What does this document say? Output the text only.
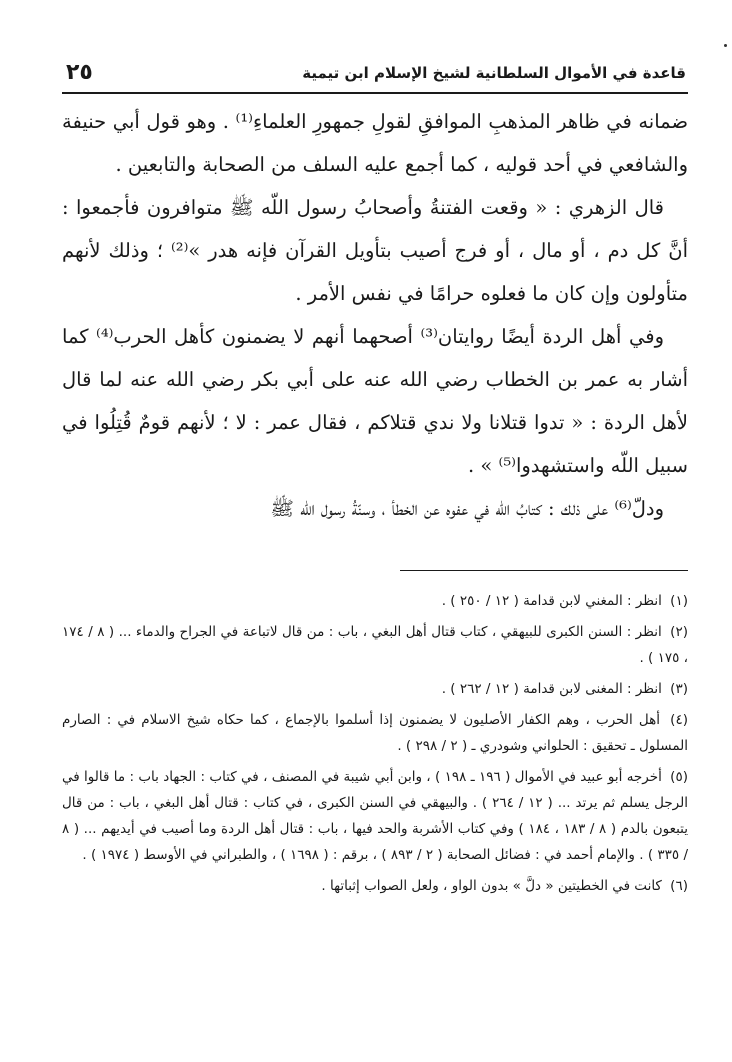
٢٥	قاعدة في الأموال السلطانية لشيخ الإسلام ابن تيمية

ضمانه في ظاهر المذهبِ الموافقِ لقولِ جمهورِ العلماءِ⁽¹⁾ . وهو قول أبي حنيفة والشافعي في أحد قوليه ، كما أجمع عليه السلف من الصحابة والتابعين .

قال الزهري : « وقعت الفتنةُ وأصحابُ رسول اللّه ﷺ متوافرون فأجمعوا : أنَّ كل دم ، أو مال ، أو فرج أصيب بتأويل القرآن فإنه هدر »⁽²⁾ ؛ وذلك لأنهم متأولون وإن كان ما فعلوه حرامًا في نفس الأمر .

وفي أهل الردة أيضًا روايتان⁽³⁾ أصحهما أنهم لا يضمنون كأهل الحرب⁽⁴⁾ كما أشار به عمر بن الخطاب رضي الله عنه على أبي بكر رضي الله عنه لما قال لأهل الردة : « تدوا قتلانا ولا ندي قتلاكم ، فقال عمر : لا ؛ لأنهم قومٌ قُتِلُوا في سبيل اللّه واستشهدوا⁽⁵⁾ » .

ودلّ⁽⁶⁾ على ذلك : كتابُ اللّه في عفوه عن الخطأ ، وسنّةُ رسول اللّه ﷺ

(١) انظر : المغني لابن قدامة ( ١٢ / ٢٥٠ ) .
(٢) انظر : السنن الكبرى للبيهقي ، كتاب قتال أهل البغي ، باب : من قال لاتباعة في الجراح والدماء ... ( ٨ / ١٧٤ ، ١٧٥ ) .
(٣) انظر : المغنى لابن قدامة ( ١٢ / ٢٦٢ ) .
(٤) أهل الحرب ، وهم الكفار الأصليون لا يضمنون إذا أسلموا بالإجماع ، كما حكاه شيخ الاسلام في : الصارم المسلول ـ تحقيق : الحلواني وشودري ـ ( ٢ / ٢٩٨ ) .
(٥) أخرجه أبو عبيد في الأموال ( ١٩٦ ـ ١٩٨ ) ، وابن أبي شيبة في المصنف ، في كتاب : الجهاد باب : ما قالوا في الرجل يسلم ثم يرتد ... ( ١٢ / ٢٦٤ ) . والبيهقي في السنن الكبرى ، في كتاب : قتال أهل البغي ، باب : من قال يتبعون بالدم ( ٨ / ١٨٣ ، ١٨٤ ) وفي كتاب الأشربة والحد فيها ، باب : قتال أهل الردة وما أصيب في أيديهم ... ( ٨ / ٣٣٥ ) . والإمام أحمد في : فضائل الصحابة ( ٢ / ٨٩٣ ) ، برقم : ( ١٦٩٨ ) ، والطبراني في الأوسط ( ١٩٧٤ ) .
(٦) كانت في الخطيتين « دلَّ » بدون الواو ، ولعل الصواب إثباتها .
